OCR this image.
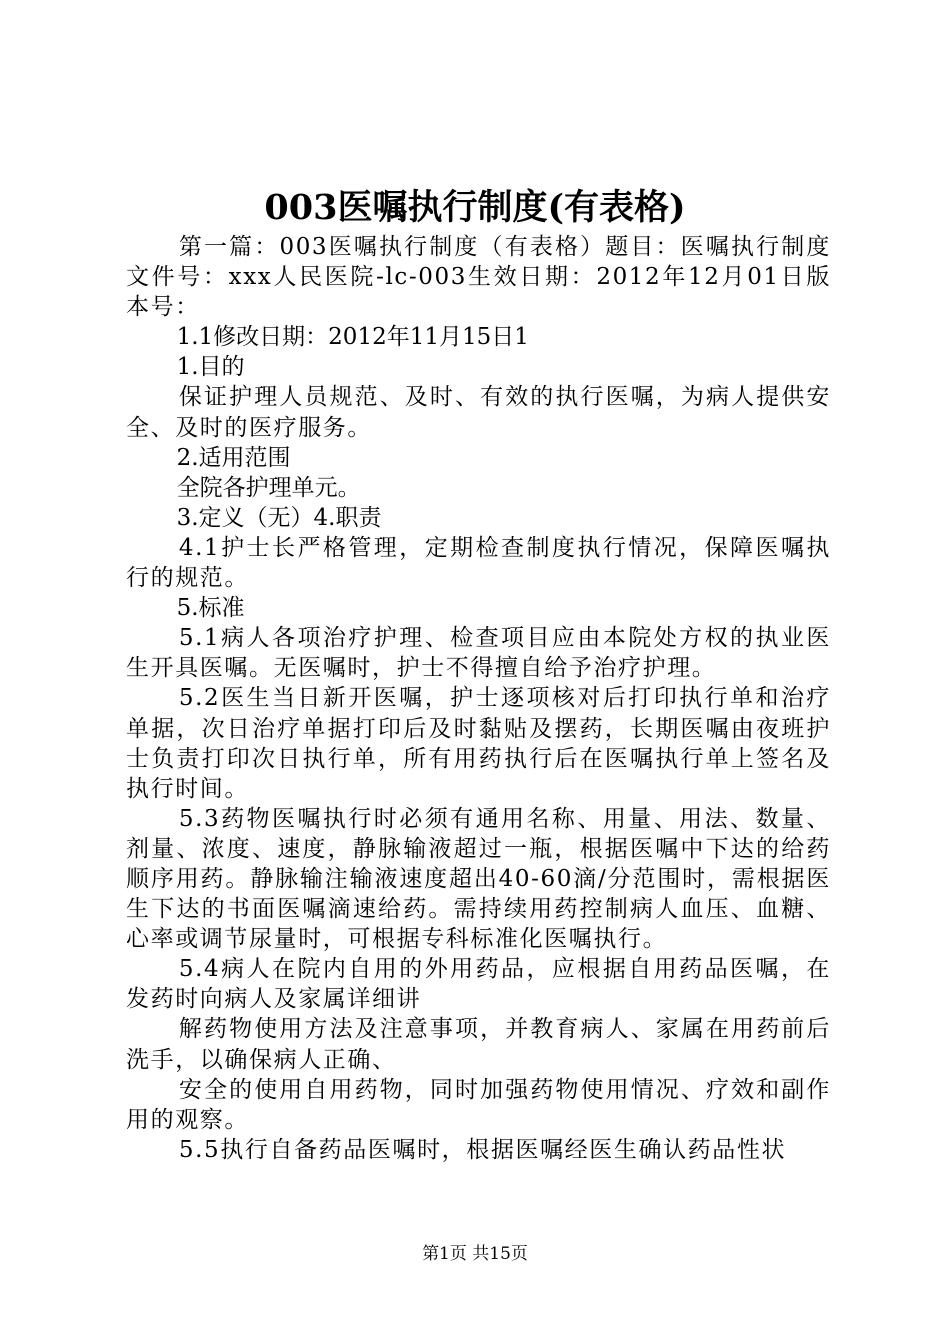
003医嘱执行制度(有表格)

第一篇：003医嘱执行制度（有表格）题目：医嘱执行制度文件号：xxx人民医院-lc-003生效日期：2012年12月01日版本号：

1.1修改日期：2012年11月15日1

1.目的

保证护理人员规范、及时、有效的执行医嘱，为病人提供安全、及时的医疗服务。

2.适用范围

全院各护理单元。

3.定义（无）4.职责

4.1护士长严格管理，定期检查制度执行情况，保障医嘱执行的规范。

5.标准

5.1病人各项治疗护理、检查项目应由本院处方权的执业医生开具医嘱。无医嘱时，护士不得擅自给予治疗护理。

5.2医生当日新开医嘱，护士逐项核对后打印执行单和治疗单据，次日治疗单据打印后及时黏贴及摆药，长期医嘱由夜班护士负责打印次日执行单，所有用药执行后在医嘱执行单上签名及执行时间。

5.3药物医嘱执行时必须有通用名称、用量、用法、数量、剂量、浓度、速度，静脉输液超过一瓶，根据医嘱中下达的给药顺序用药。静脉输注输液速度超出40-60滴/分范围时，需根据医生下达的书面医嘱滴速给药。需持续用药控制病人血压、血糖、心率或调节尿量时，可根据专科标准化医嘱执行。

5.4病人在院内自用的外用药品，应根据自用药品医嘱，在发药时向病人及家属详细讲

解药物使用方法及注意事项，并教育病人、家属在用药前后洗手，以确保病人正确、

安全的使用自用药物，同时加强药物使用情况、疗效和副作用的观察。

5.5执行自备药品医嘱时，根据医嘱经医生确认药品性状

第1页 共15页
